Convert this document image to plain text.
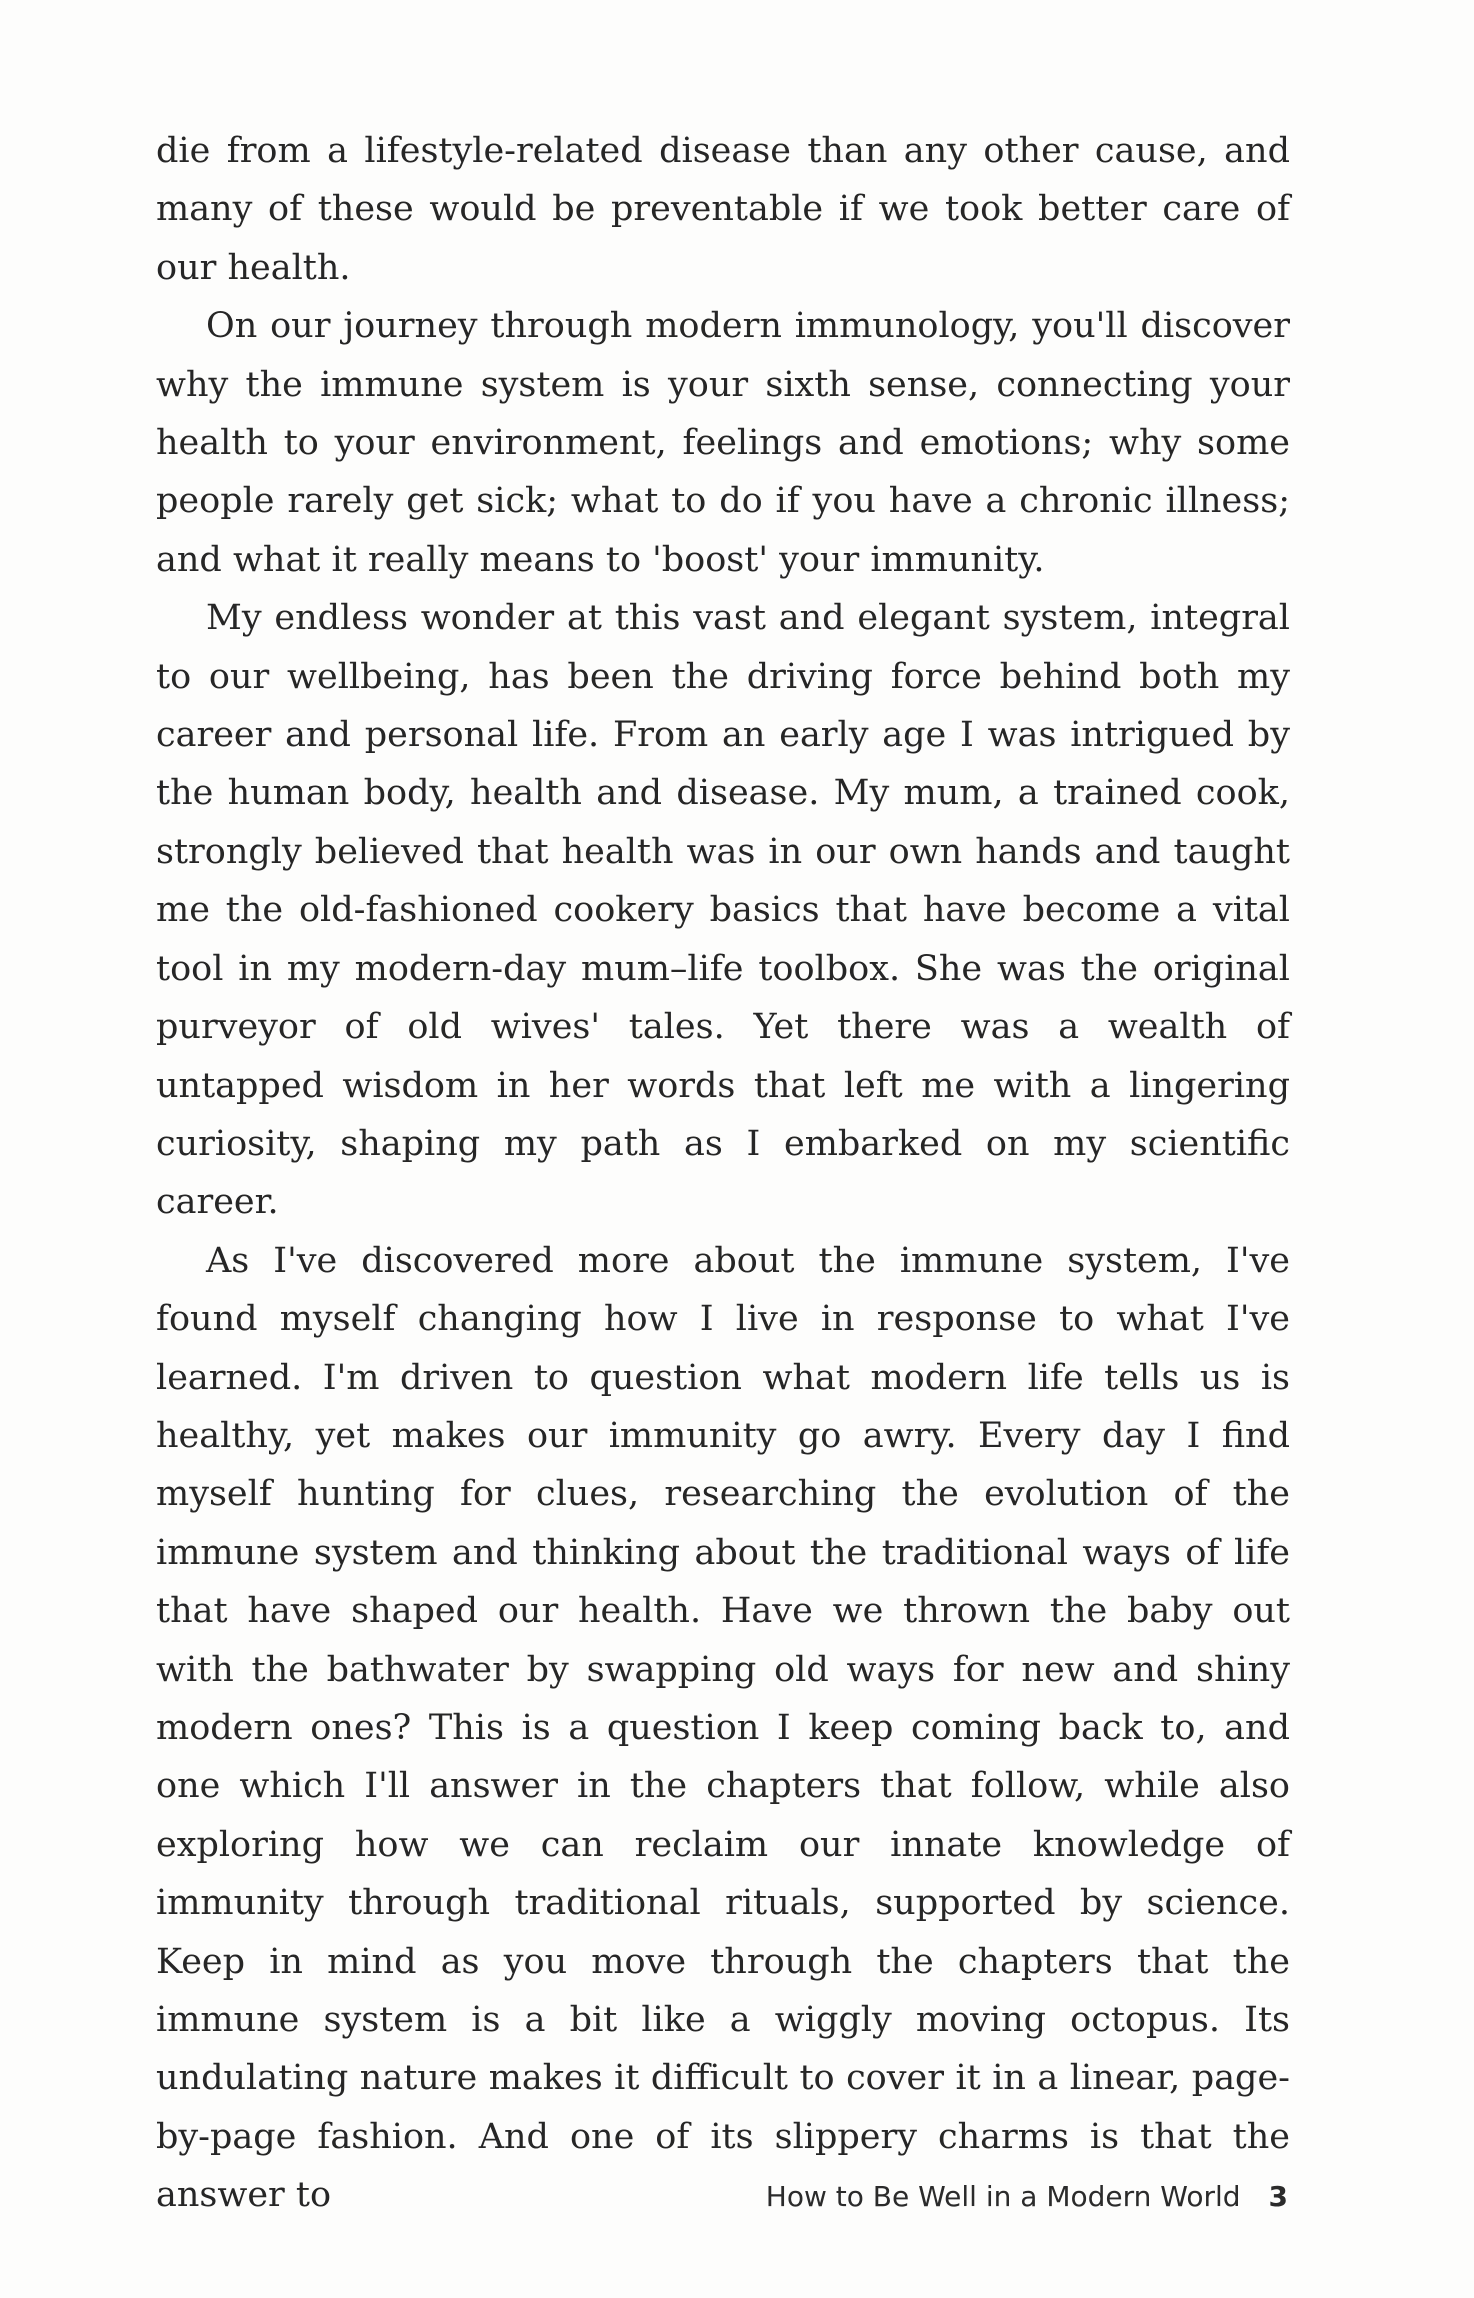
die from a lifestyle-related disease than any other cause, and many of these would be preventable if we took better care of our health.

On our journey through modern immunology, you'll discover why the immune system is your sixth sense, connecting your health to your environment, feelings and emotions; why some people rarely get sick; what to do if you have a chronic illness; and what it really means to 'boost' your immunity.

My endless wonder at this vast and elegant system, integral to our wellbeing, has been the driving force behind both my career and personal life. From an early age I was intrigued by the human body, health and disease. My mum, a trained cook, strongly believed that health was in our own hands and taught me the old-fashioned cookery basics that have become a vital tool in my modern-day mum–life toolbox. She was the original purveyor of old wives' tales. Yet there was a wealth of untapped wisdom in her words that left me with a lingering curiosity, shaping my path as I embarked on my scientific career.

As I've discovered more about the immune system, I've found myself changing how I live in response to what I've learned. I'm driven to question what modern life tells us is healthy, yet makes our immunity go awry. Every day I find myself hunting for clues, researching the evolution of the immune system and thinking about the traditional ways of life that have shaped our health. Have we thrown the baby out with the bathwater by swapping old ways for new and shiny modern ones? This is a question I keep coming back to, and one which I'll answer in the chapters that follow, while also exploring how we can reclaim our innate knowledge of immunity through traditional rituals, supported by science. Keep in mind as you move through the chapters that the immune system is a bit like a wiggly moving octopus. Its undulating nature makes it difficult to cover it in a linear, page-by-page fashion. And one of its slippery charms is that the answer to	How to Be Well in a Modern World 3
